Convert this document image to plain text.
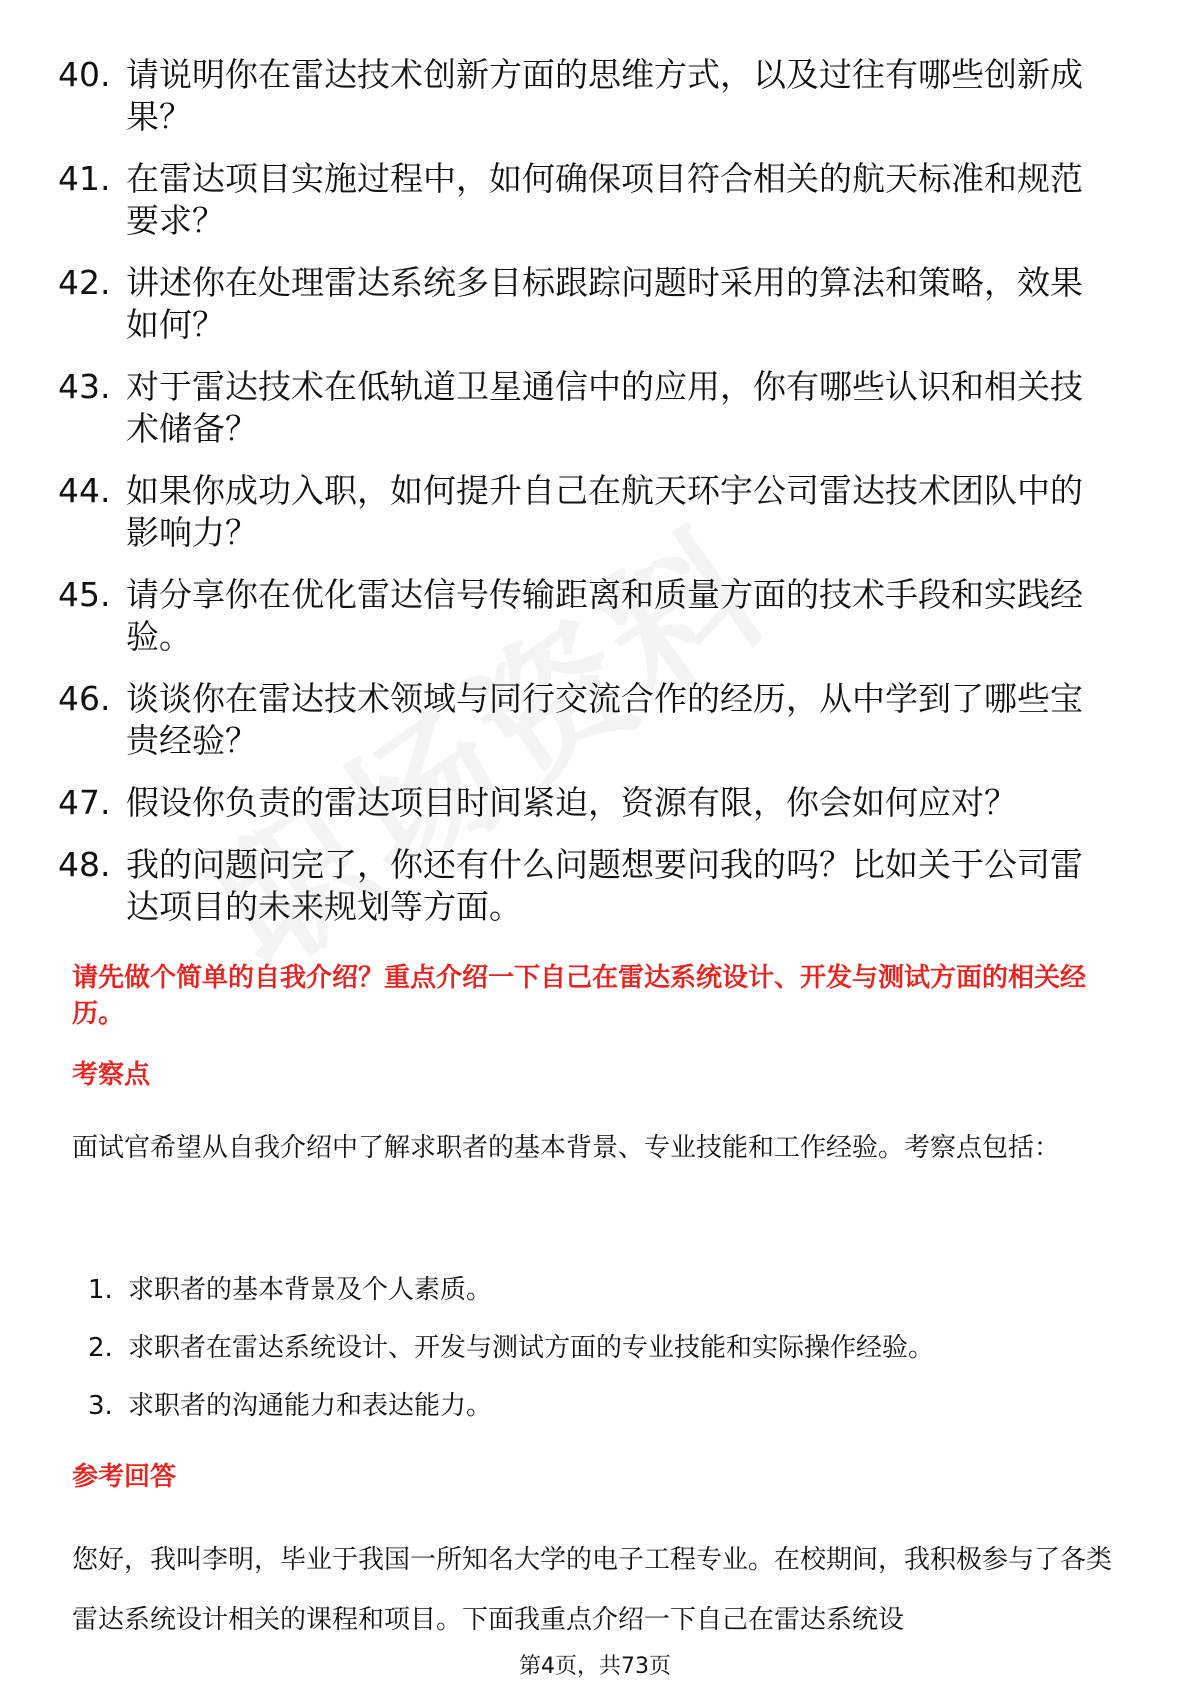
40. 请说明你在雷达技术创新方面的思维方式，以及过往有哪些创新成果？
41. 在雷达项目实施过程中，如何确保项目符合相关的航天标准和规范要求？
42. 讲述你在处理雷达系统多目标跟踪问题时采用的算法和策略，效果如何？
43. 对于雷达技术在低轨道卫星通信中的应用，你有哪些认识和相关技术储备？
44. 如果你成功入职，如何提升自己在航天环宇公司雷达技术团队中的影响力？
45. 请分享你在优化雷达信号传输距离和质量方面的技术手段和实践经验。
46. 谈谈你在雷达技术领域与同行交流合作的经历，从中学到了哪些宝贵经验？
47. 假设你负责的雷达项目时间紧迫，资源有限，你会如何应对？
48. 我的问题问完了，你还有什么问题想要问我的吗？比如关于公司雷达项目的未来规划等方面。

请先做个简单的自我介绍？重点介绍一下自己在雷达系统设计、开发与测试方面的相关经历。

考察点

面试官希望从自我介绍中了解求职者的基本背景、专业技能和工作经验。考察点包括：

1. 求职者的基本背景及个人素质。
2. 求职者在雷达系统设计、开发与测试方面的专业技能和实际操作经验。
3. 求职者的沟通能力和表达能力。
参考回答

您好，我叫李明，毕业于我国一所知名大学的电子工程专业。在校期间，我积极参与了各类雷达系统设计相关的课程和项目。下面我重点介绍一下自己在雷达系统设

第4页，共73页
